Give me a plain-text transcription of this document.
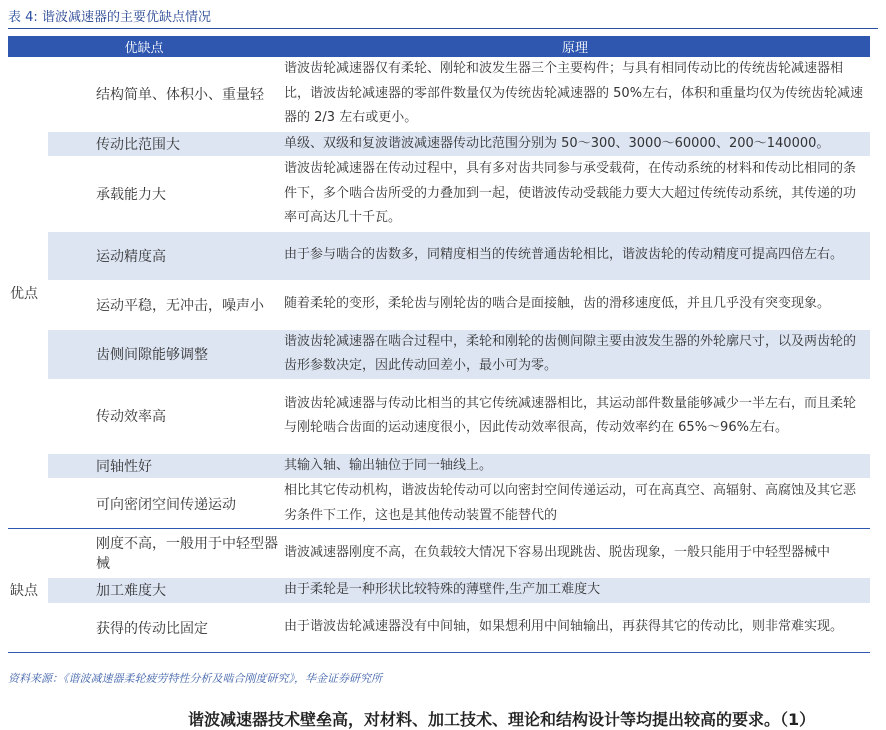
表 4: 谐波减速器的主要优缺点情况
优缺点		原理
优点	结构简单、体积小、重量轻	谐波齿轮减速器仅有柔轮、刚轮和波发生器三个主要构件；与具有相同传动比的传统齿轮减速器相比，谐波齿轮减速器的零部件数量仅为传统齿轮减速器的 50%左右，体积和重量均仅为传统齿轮减速器的 2/3 左右或更小。
	传动比范围大	单级、双级和复波谐波减速器传动比范围分别为 50～300、3000～60000、200～140000。
	承载能力大	谐波齿轮减速器在传动过程中，具有多对齿共同参与承受载荷，在传动系统的材料和传动比相同的条件下，多个啮合齿所受的力叠加到一起，使谐波传动受载能力要大大超过传统传动系统，其传递的功率可高达几十千瓦。
	运动精度高	由于参与啮合的齿数多，同精度相当的传统普通齿轮相比，谐波齿轮的传动精度可提高四倍左右。
	运动平稳，无冲击，噪声小	随着柔轮的变形，柔轮齿与刚轮齿的啮合是面接触，齿的滑移速度低，并且几乎没有突变现象。
	齿侧间隙能够调整	谐波齿轮减速器在啮合过程中，柔轮和刚轮的齿侧间隙主要由波发生器的外轮廓尺寸，以及两齿轮的齿形参数决定，因此传动回差小，最小可为零。
	传动效率高	谐波齿轮减速器与传动比相当的其它传统减速器相比，其运动部件数量能够减少一半左右，而且柔轮与刚轮啮合齿面的运动速度很小，因此传动效率很高，传动效率约在 65%～96%左右。
	同轴性好	其输入轴、输出轴位于同一轴线上。
	可向密闭空间传递运动	相比其它传动机构，谐波齿轮传动可以向密封空间传递运动，可在高真空、高辐射、高腐蚀及其它恶劣条件下工作，这也是其他传动装置不能替代的
缺点	刚度不高，一般用于中轻型器械	谐波减速器刚度不高，在负载较大情况下容易出现跳齿、脱齿现象，一般只能用于中轻型器械中
	加工难度大	由于柔轮是一种形状比较特殊的薄壁件,生产加工难度大
	获得的传动比固定	由于谐波齿轮减速器没有中间轴，如果想利用中间轴输出，再获得其它的传动比，则非常难实现。
资料来源：《谐波减速器柔轮疲劳特性分析及啮合刚度研究》，华金证券研究所
谐波减速器技术壁垒高，对材料、加工技术、理论和结构设计等均提出较高的要求。（1）
